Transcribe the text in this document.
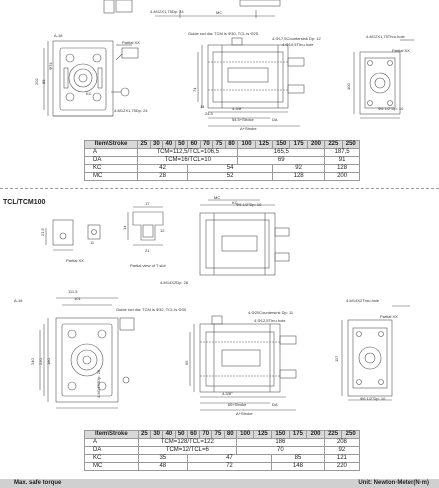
4-M12X1,75Dp: 24	MC
A-18
Partial XX
Guide rod dia: TCM is Φ30, TCL is Φ25
4-Φ17,5Countersink Dp: 12
4-Φ10,5Thru.hole
4-M12X1,75Thru.hole
Partial XX
202 85
74
14
100
24.5
4-3/8"
54,5+Stroke	DA
A+Stroke
KC
4-M12X1,75Dp: 24
Φ74
Φ6 1/2"Dp: 10
Partial XX
Partial view of T slot
21,5
11
14
17
21
12
MC
KC
Φ6 1/2"Dp: 10
4-M14X2Dp: 28
A-18
111,5
101
Guide rod dia: TCM is Φ32, TCL is Φ30
4-Φ20Countersink Dp: 11
4-Φ12,5Thru.hole
4-M14X2Thru.hole
Partial XX
240 220 180	95
117
4-3/8"
66+Stroke
A+Stroke
DA
4-M14X2Dp: 28
Φ6 1/2"Dp: 10
Item\Stroke	25	30	40	50	60	70	75	80	100	125	150	175	200	225	250
A	TCM=112,5/TCL=106,5								165,5					187,5	
DA	TCM=16/TCL=10								69					91	
KC	42				54						92			128	
MC	28				52						128			200	
TCL/TCM100
Item\Stroke	25	30	40	50	60	70	75	80	100	125	150	175	200	225	250
A	TCM=128/TCL=122								186					208	
DA	TCM=12/TCL=6								70					92	
KC	35				47						85			121	
MC	48				72						148			220	
Max. safe torque	Unit: Newton·Meter(N·m)
